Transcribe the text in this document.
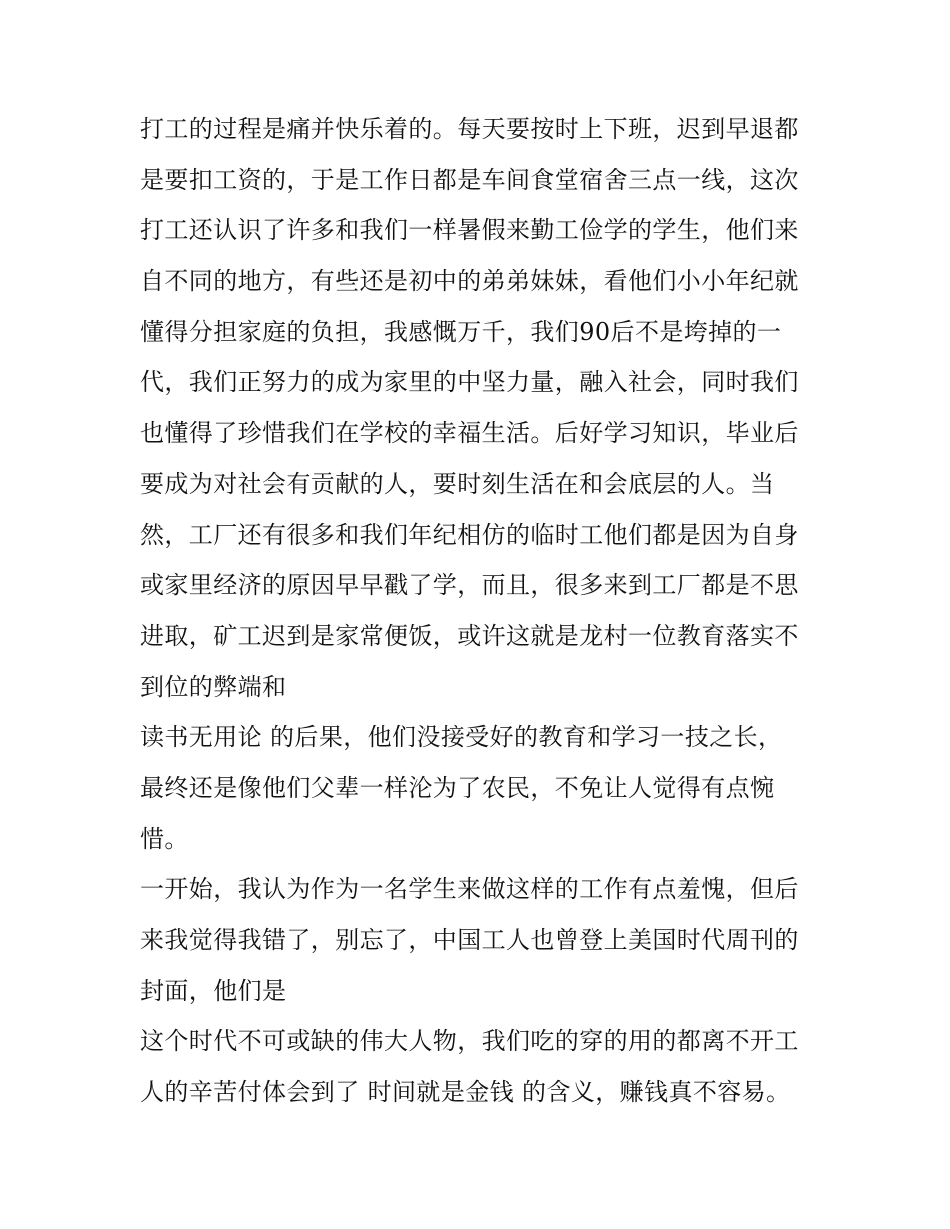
打工的过程是痛并快乐着的。每天要按时上下班，迟到早退都
是要扣工资的，于是工作日都是车间食堂宿舍三点一线，这次
打工还认识了许多和我们一样暑假来勤工俭学的学生，他们来
自不同的地方，有些还是初中的弟弟妹妹，看他们小小年纪就
懂得分担家庭的负担，我感慨万千，我们90后不是垮掉的一
代，我们正努力的成为家里的中坚力量，融入社会，同时我们
也懂得了珍惜我们在学校的幸福生活。后好学习知识，毕业后
要成为对社会有贡献的人，要时刻生活在和会底层的人。当
然，工厂还有很多和我们年纪相仿的临时工他们都是因为自身
或家里经济的原因早早戳了学，而且，很多来到工厂都是不思
进取，矿工迟到是家常便饭，或许这就是龙村一位教育落实不
到位的弊端和
读书无用论 的后果，他们没接受好的教育和学习一技之长，
最终还是像他们父辈一样沦为了农民，不免让人觉得有点惋
惜。
一开始，我认为作为一名学生来做这样的工作有点羞愧，但后
来我觉得我错了，别忘了，中国工人也曾登上美国时代周刊的
封面，他们是
这个时代不可或缺的伟大人物，我们吃的穿的用的都离不开工
人的辛苦付体会到了 时间就是金钱 的含义，赚钱真不容易。
